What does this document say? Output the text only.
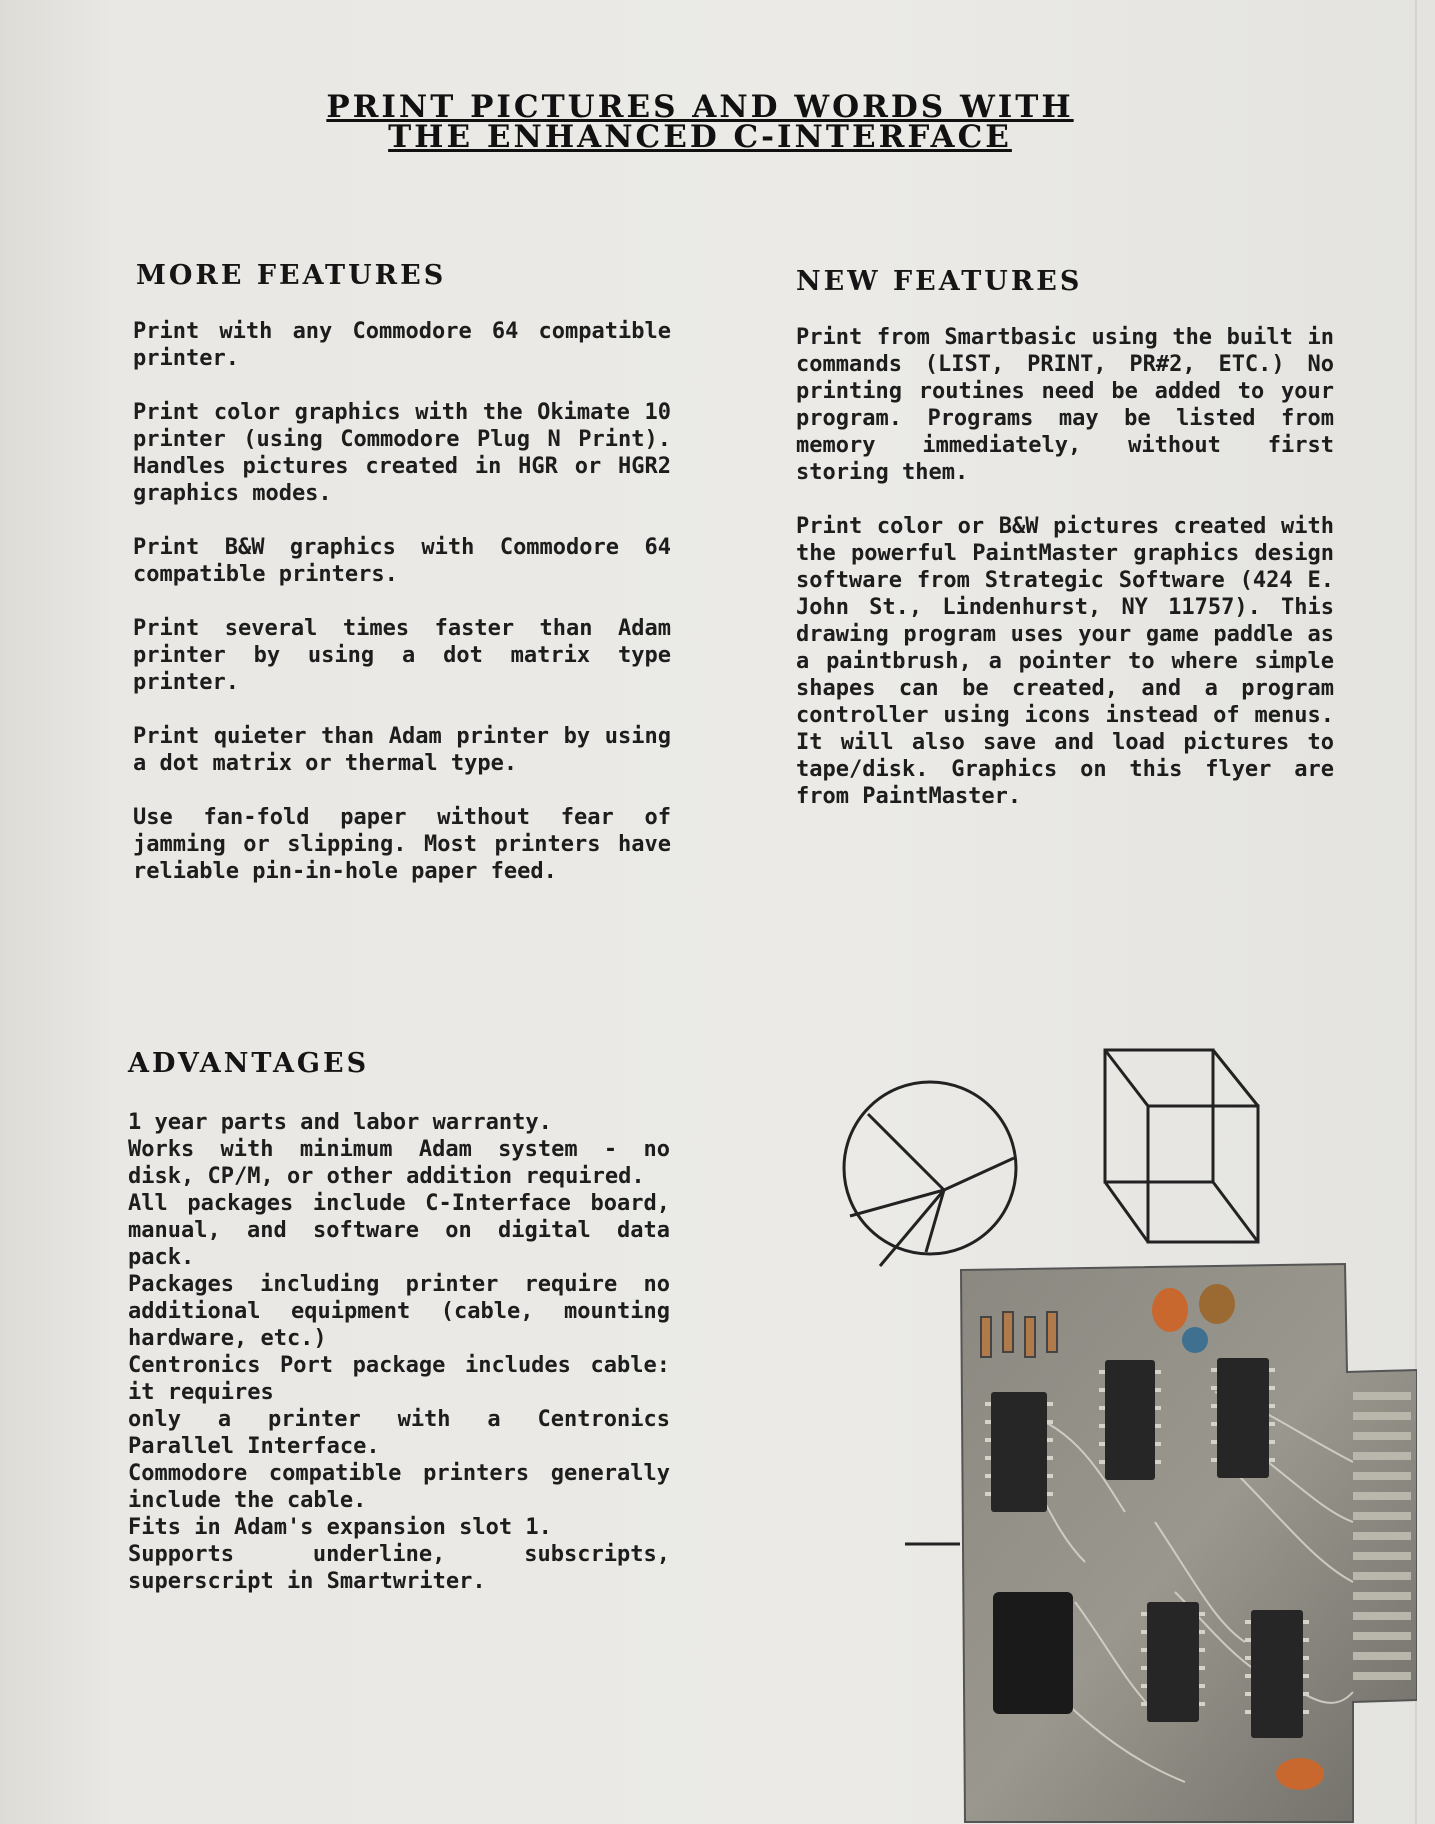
PRINT PICTURES AND WORDS WITH
THE ENHANCED C-INTERFACE
MORE FEATURES

Print with any Commodore 64 compatible printer.

Print color graphics with the Okimate 10 printer (using Commodore Plug N Print). Handles pictures created in HGR or HGR2 graphics modes.

Print B&W graphics with Commodore 64 compatible printers.

Print several times faster than Adam printer by using a dot matrix type printer.

Print quieter than Adam printer by using a dot matrix or thermal type.

Use fan-fold paper without fear of jamming or slipping. Most printers have reliable pin-in-hole paper feed.

NEW FEATURES

Print from Smartbasic using the built in commands (LIST, PRINT, PR#2, ETC.) No printing routines need be added to your program. Programs may be listed from memory immediately, without first storing them.

Print color or B&W pictures created with the powerful PaintMaster graphics design software from Strategic Software (424 E. John St., Lindenhurst, NY 11757). This drawing program uses your game paddle as a paintbrush, a pointer to where simple shapes can be created, and a program controller using icons instead of menus. It will also save and load pictures to tape/disk. Graphics on this flyer are from PaintMaster.

ADVANTAGES

1 year parts and labor warranty.

Works with minimum Adam system - no disk, CP/M, or other addition required.

All packages include C-Interface board, manual, and software on digital data pack.

Packages including printer require no additional equipment (cable, mounting hardware, etc.)

Centronics Port package includes cable: it requires

only a printer with a Centronics Parallel Interface.

Commodore compatible printers generally include the cable.

Fits in Adam's expansion slot 1.

Supports underline, subscripts, superscript in Smartwriter.
